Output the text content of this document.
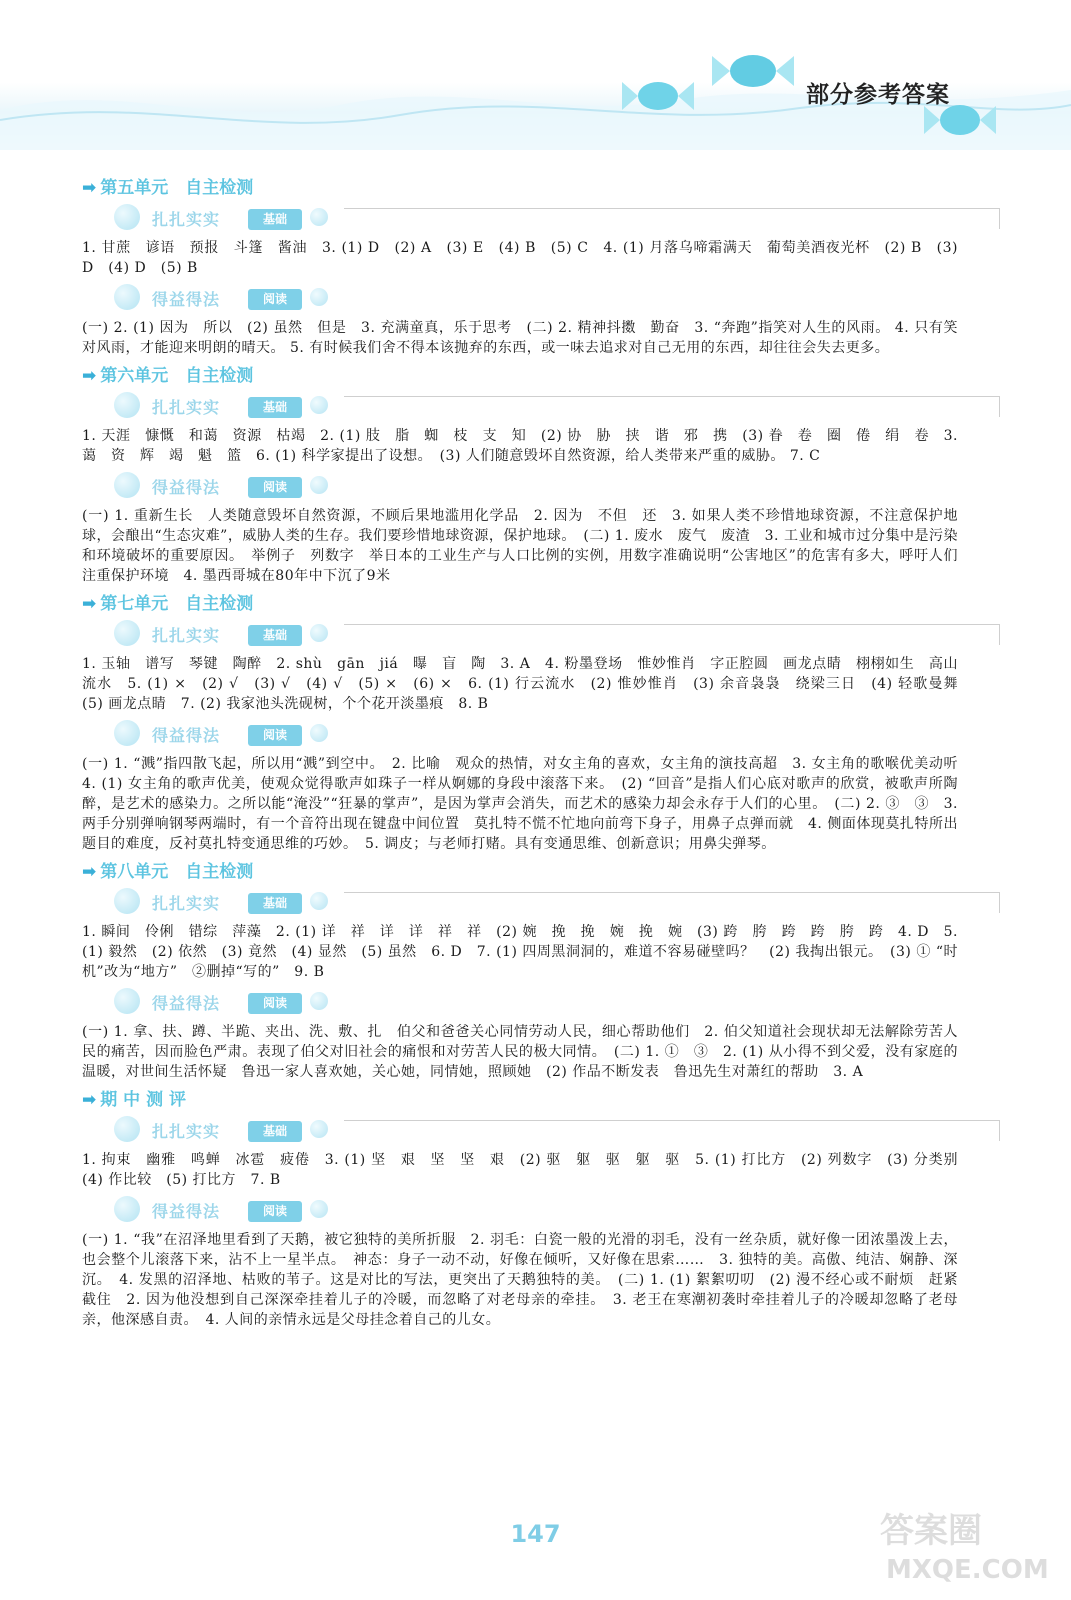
部分参考答案
➡ 第五单元　自主检测
扎扎实实	基础
1. 甘蔗　谚语　预报　斗篷　酱油　3. (1) D　(2) A　(3) E　(4) B　(5) C　4. (1) 月落乌啼霜满天　葡萄美酒夜光杯　(2) B　(3) D　(4) D　(5) B
得益得法	阅读
(一) 2. (1) 因为　所以　(2) 虽然　但是　3. 充满童真，乐于思考　(二) 2. 精神抖擞　勤奋　3. “奔跑”指笑对人生的风雨。 4. 只有笑对风雨，才能迎来明朗的晴天。 5. 有时候我们舍不得本该抛弃的东西，或一味去追求对自己无用的东西，却往往会失去更多。
➡ 第六单元　自主检测
扎扎实实	基础
1. 天涯　慷慨　和蔼　资源　枯竭　2. (1) 肢　脂　蜘　枝　支　知　(2) 协　胁　挟　谐　邪　携　(3) 眷　卷　圈　倦　绢　卷　3. 蔼　资　辉　竭　魁　篮　6. (1) 科学家提出了设想。　(3) 人们随意毁坏自然资源，给人类带来严重的威胁。 7. C
得益得法	阅读
(一) 1. 重新生长　人类随意毁坏自然资源，不顾后果地滥用化学品　2. 因为　不但　还　3. 如果人类不珍惜地球资源，不注意保护地球，会酿出“生态灾难”，威胁人类的生存。我们要珍惜地球资源，保护地球。　(二) 1. 废水　废气　废渣　3. 工业和城市过分集中是污染和环境破坏的重要原因。　举例子　列数字　举日本的工业生产与人口比例的实例，用数字准确说明“公害地区”的危害有多大，呼吁人们注重保护环境　4. 墨西哥城在80年中下沉了9米
➡ 第七单元　自主检测
扎扎实实	基础
1. 玉轴　谱写　琴键　陶醉　2. shù　gān　jiá　曝　盲　陶　3. A　4. 粉墨登场　惟妙惟肖　字正腔圆　画龙点睛　栩栩如生　高山流水　5. (1) ×　(2) √　(3) √　(4) √　(5) ×　(6) ×　6. (1) 行云流水　(2) 惟妙惟肖　(3) 余音袅袅　绕梁三日　(4) 轻歌曼舞　(5) 画龙点睛　7. (2) 我家池头洗砚树，个个花开淡墨痕　8. B
得益得法	阅读
(一) 1. “溅”指四散飞起，所以用“溅”到空中。　2. 比喻　观众的热情，对女主角的喜欢，女主角的演技高超　3. 女主角的歌喉优美动听　4. (1) 女主角的歌声优美，使观众觉得歌声如珠子一样从婀娜的身段中滚落下来。　(2) “回音”是指人们心底对歌声的欣赏，被歌声所陶醉，是艺术的感染力。之所以能“淹没”“狂暴的掌声”，是因为掌声会消失，而艺术的感染力却会永存于人们的心里。　(二) 2. ③　③　3. 两手分别弹响钢琴两端时，有一个音符出现在键盘中间位置　莫扎特不慌不忙地向前弯下身子，用鼻子点弹而就　4. 侧面体现莫扎特所出题目的难度，反衬莫扎特变通思维的巧妙。　5. 调皮；与老师打赌。具有变通思维、创新意识；用鼻尖弹琴。
➡ 第八单元　自主检测
扎扎实实	基础
1. 瞬间　伶俐　错综　萍藻　2. (1) 详　祥　详　详　祥　祥　(2) 婉　挽　挽　婉　挽　婉　(3) 跨　胯　跨　跨　胯　跨　4. D　5. (1) 毅然　(2) 依然　(3) 竟然　(4) 显然　(5) 虽然　6. D　7. (1) 四周黑洞洞的，难道不容易碰壁吗？　(2) 我掏出银元。　(3) ① “时机”改为“地方”　②删掉“写的”　9. B
得益得法	阅读
(一) 1. 拿、扶、蹲、半跪、夹出、洗、敷、扎　伯父和爸爸关心同情劳动人民，细心帮助他们　2. 伯父知道社会现状却无法解除劳苦人民的痛苦，因而脸色严肃。表现了伯父对旧社会的痛恨和对劳苦人民的极大同情。　(二) 1. ①　③　2. (1) 从小得不到父爱，没有家庭的温暖，对世间生活怀疑　鲁迅一家人喜欢她，关心她，同情她，照顾她　(2) 作品不断发表　鲁迅先生对萧红的帮助　3. A
➡ 期 中 测 评
扎扎实实	基础
1. 拘束　幽雅　鸣蝉　冰雹　疲倦　3. (1) 坚　艰　坚　坚　艰　(2) 驱　躯　驱　躯　驱　5. (1) 打比方　(2) 列数字　(3) 分类别　(4) 作比较　(5) 打比方　7. B
得益得法	阅读
(一) 1. “我”在沼泽地里看到了天鹅，被它独特的美所折服　2. 羽毛：白瓷一般的光滑的羽毛，没有一丝杂质，就好像一团浓墨泼上去，也会整个儿滚落下来，沾不上一星半点。　神态：身子一动不动，好像在倾听，又好像在思索……　3. 独特的美。高傲、纯洁、娴静、深沉。　4. 发黑的沼泽地、枯败的苇子。这是对比的写法，更突出了天鹅独特的美。　(二) 1. (1) 絮絮叨叨　(2) 漫不经心或不耐烦　赶紧截住　2. 因为他没想到自己深深牵挂着儿子的冷暖，而忽略了对老母亲的牵挂。　3. 老王在寒潮初袭时牵挂着儿子的冷暖却忽略了老母亲，他深感自责。　4. 人间的亲情永远是父母挂念着自己的儿女。
147	答案圈
MXQE.COM
